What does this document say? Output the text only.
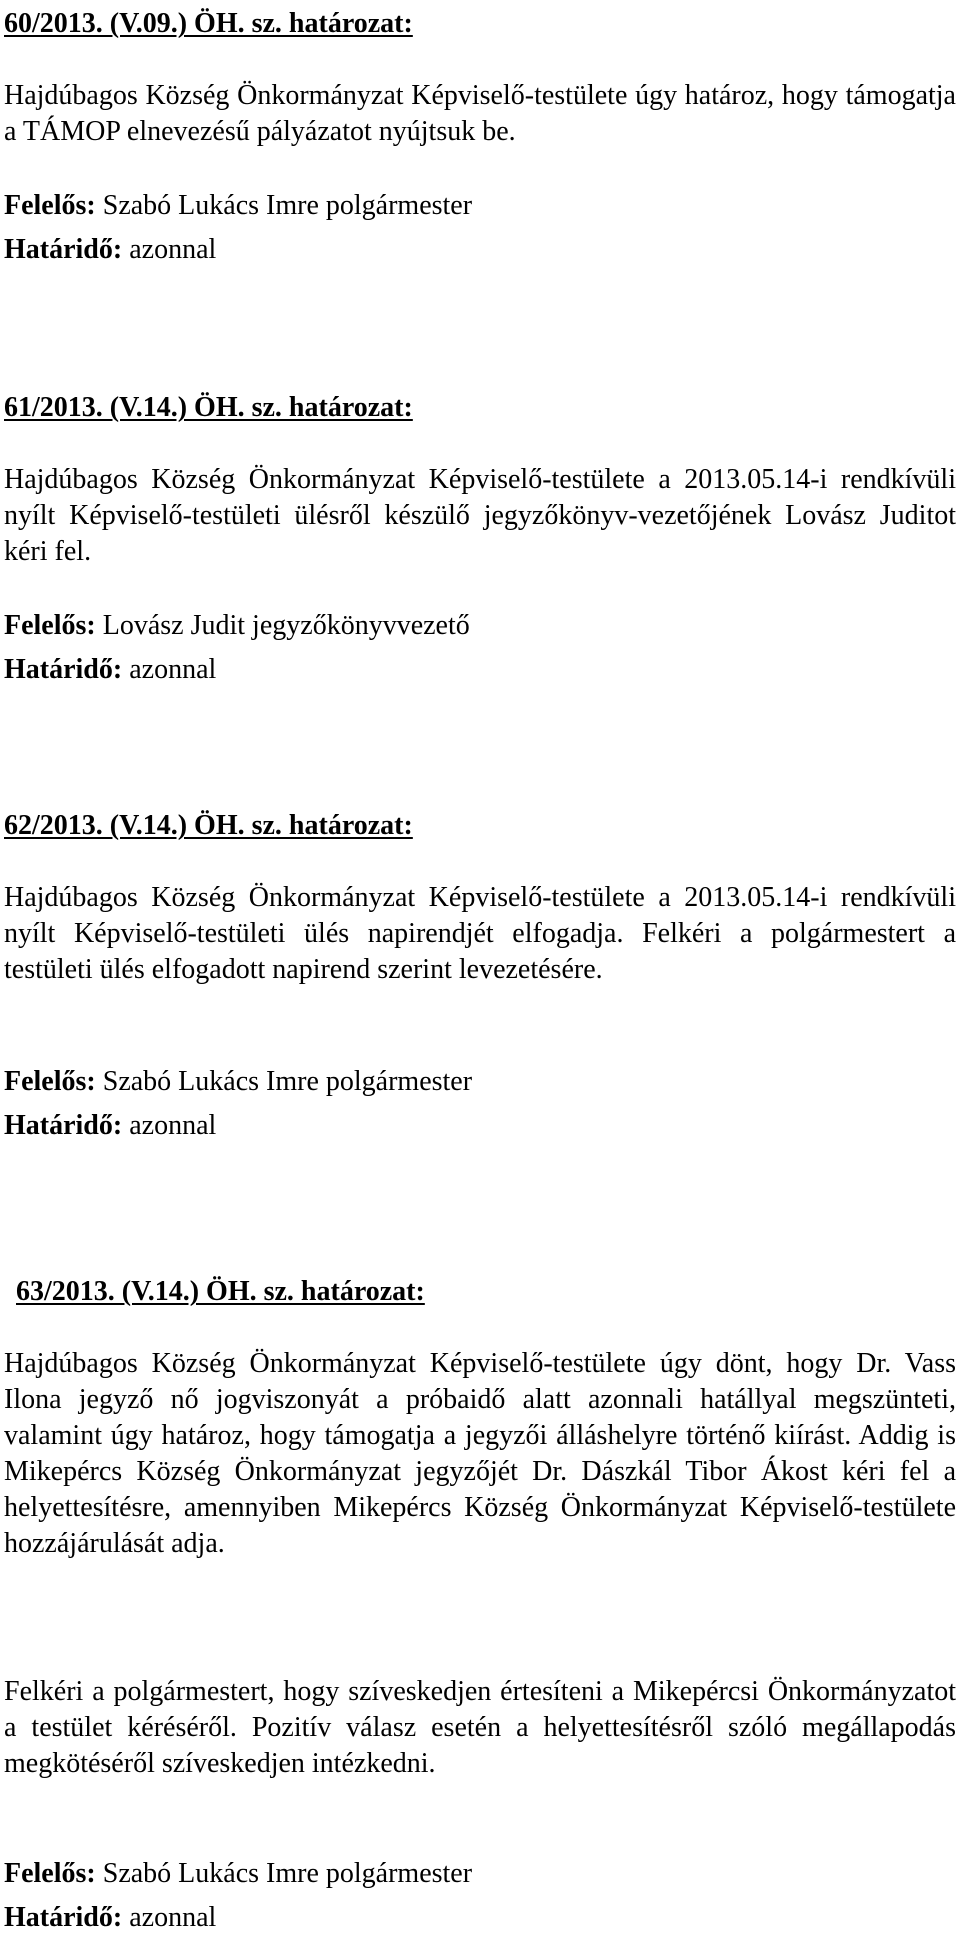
60/2013. (V.09.) ÖH. sz. határozat:

Hajdúbagos Község Önkormányzat Képviselő-testülete úgy határoz, hogy támogatja a TÁMOP elnevezésű pályázatot nyújtsuk be.

Felelős: Szabó Lukács Imre polgármester

Határidő: azonnal

61/2013. (V.14.) ÖH. sz. határozat:

Hajdúbagos Község Önkormányzat Képviselő-testülete a 2013.05.14-i rendkívüli nyílt Képviselő-testületi ülésről készülő jegyzőkönyv-vezetőjének Lovász Juditot kéri fel.

Felelős: Lovász Judit jegyzőkönyvvezető

Határidő: azonnal

62/2013. (V.14.) ÖH. sz. határozat:

Hajdúbagos Község Önkormányzat Képviselő-testülete a 2013.05.14-i rendkívüli nyílt Képviselő-testületi ülés napirendjét elfogadja. Felkéri a polgármestert a testületi ülés elfogadott napirend szerint levezetésére.

Felelős: Szabó Lukács Imre polgármester

Határidő: azonnal

63/2013. (V.14.) ÖH. sz. határozat:

Hajdúbagos Község Önkormányzat Képviselő-testülete úgy dönt, hogy Dr. Vass Ilona jegyző nő jogviszonyát a próbaidő alatt azonnali hatállyal megszünteti, valamint úgy határoz, hogy támogatja a jegyzői álláshelyre történő kiírást. Addig is Mikepércs Község Önkormányzat jegyzőjét Dr. Dászkál Tibor Ákost kéri fel a helyettesítésre, amennyiben Mikepércs Község Önkormányzat Képviselő-testülete hozzájárulását adja.

Felkéri a polgármestert, hogy szíveskedjen értesíteni a Mikepércsi Önkormányzatot a testület kéréséről. Pozitív válasz esetén a helyettesítésről szóló megállapodás megkötéséről szíveskedjen intézkedni.

Felelős: Szabó Lukács Imre polgármester

Határidő: azonnal
